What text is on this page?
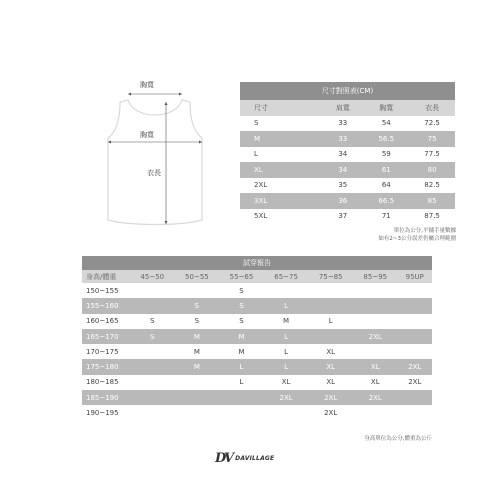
胸寬
胸寬
衣長
尺寸對照表(CM)			
尺寸	肩寬	胸寬	衣長
S	33	54	72.5
M	33	56.5	75
L	34	59	77.5
XL	34	61	80
2XL	35	64	82.5
3XL	36	66.5	85
5XL	37	71	87.5
單位為公分,平鋪手量數據
如有2~3公分誤差仍屬合理範圍
試穿報告							
身高/體重	45~50	50~55	55~65	65~75	75~85	85~95	95UP
150~155			S				
155~160		S	S	L			
160~165	S	S	S	M	L		
165~170	S	M	M	L		2XL	
170~175		M	M	L	XL		
175~180		M	L	L	XL	XL	2XL
180~185			L	XL	XL	XL	2XL
185~190				2XL	2XL	2XL	
190~195					2XL		
身高單位為公分,體重為公斤
DV DAVILLAGE
